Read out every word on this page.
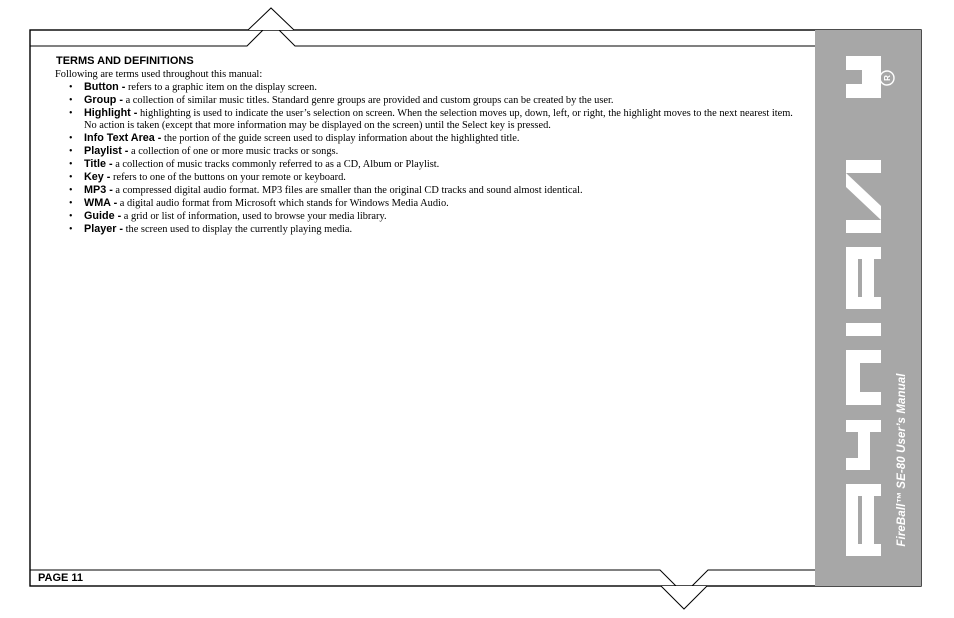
R
FireBall™ SE-80 User’s Manual

TERMS AND DEFINITIONS

Following are terms used throughout this manual:

• Button - refers to a graphic item on the display screen.
• Group - a collection of similar music titles. Standard genre groups are provided and custom groups can be created by the user.
• Highlight - highlighting is used to indicate the user’s selection on screen. When the selection moves up, down, left, or right, the highlight moves to the next nearest item. No action is taken (except that more information may be displayed on the screen) until the Select key is pressed.
• Info Text Area - the portion of the guide screen used to display information about the highlighted title.
• Playlist - a collection of one or more music tracks or songs.
• Title - a collection of music tracks commonly referred to as a CD, Album or Playlist.
• Key - refers to one of the buttons on your remote or keyboard.
• MP3 - a compressed digital audio format. MP3 files are smaller than the original CD tracks and sound almost identical.
• WMA - a digital audio format from Microsoft which stands for Windows Media Audio.
• Guide - a grid or list of information, used to browse your media library.
• Player - the screen used to display the currently playing media.
PAGE 11
